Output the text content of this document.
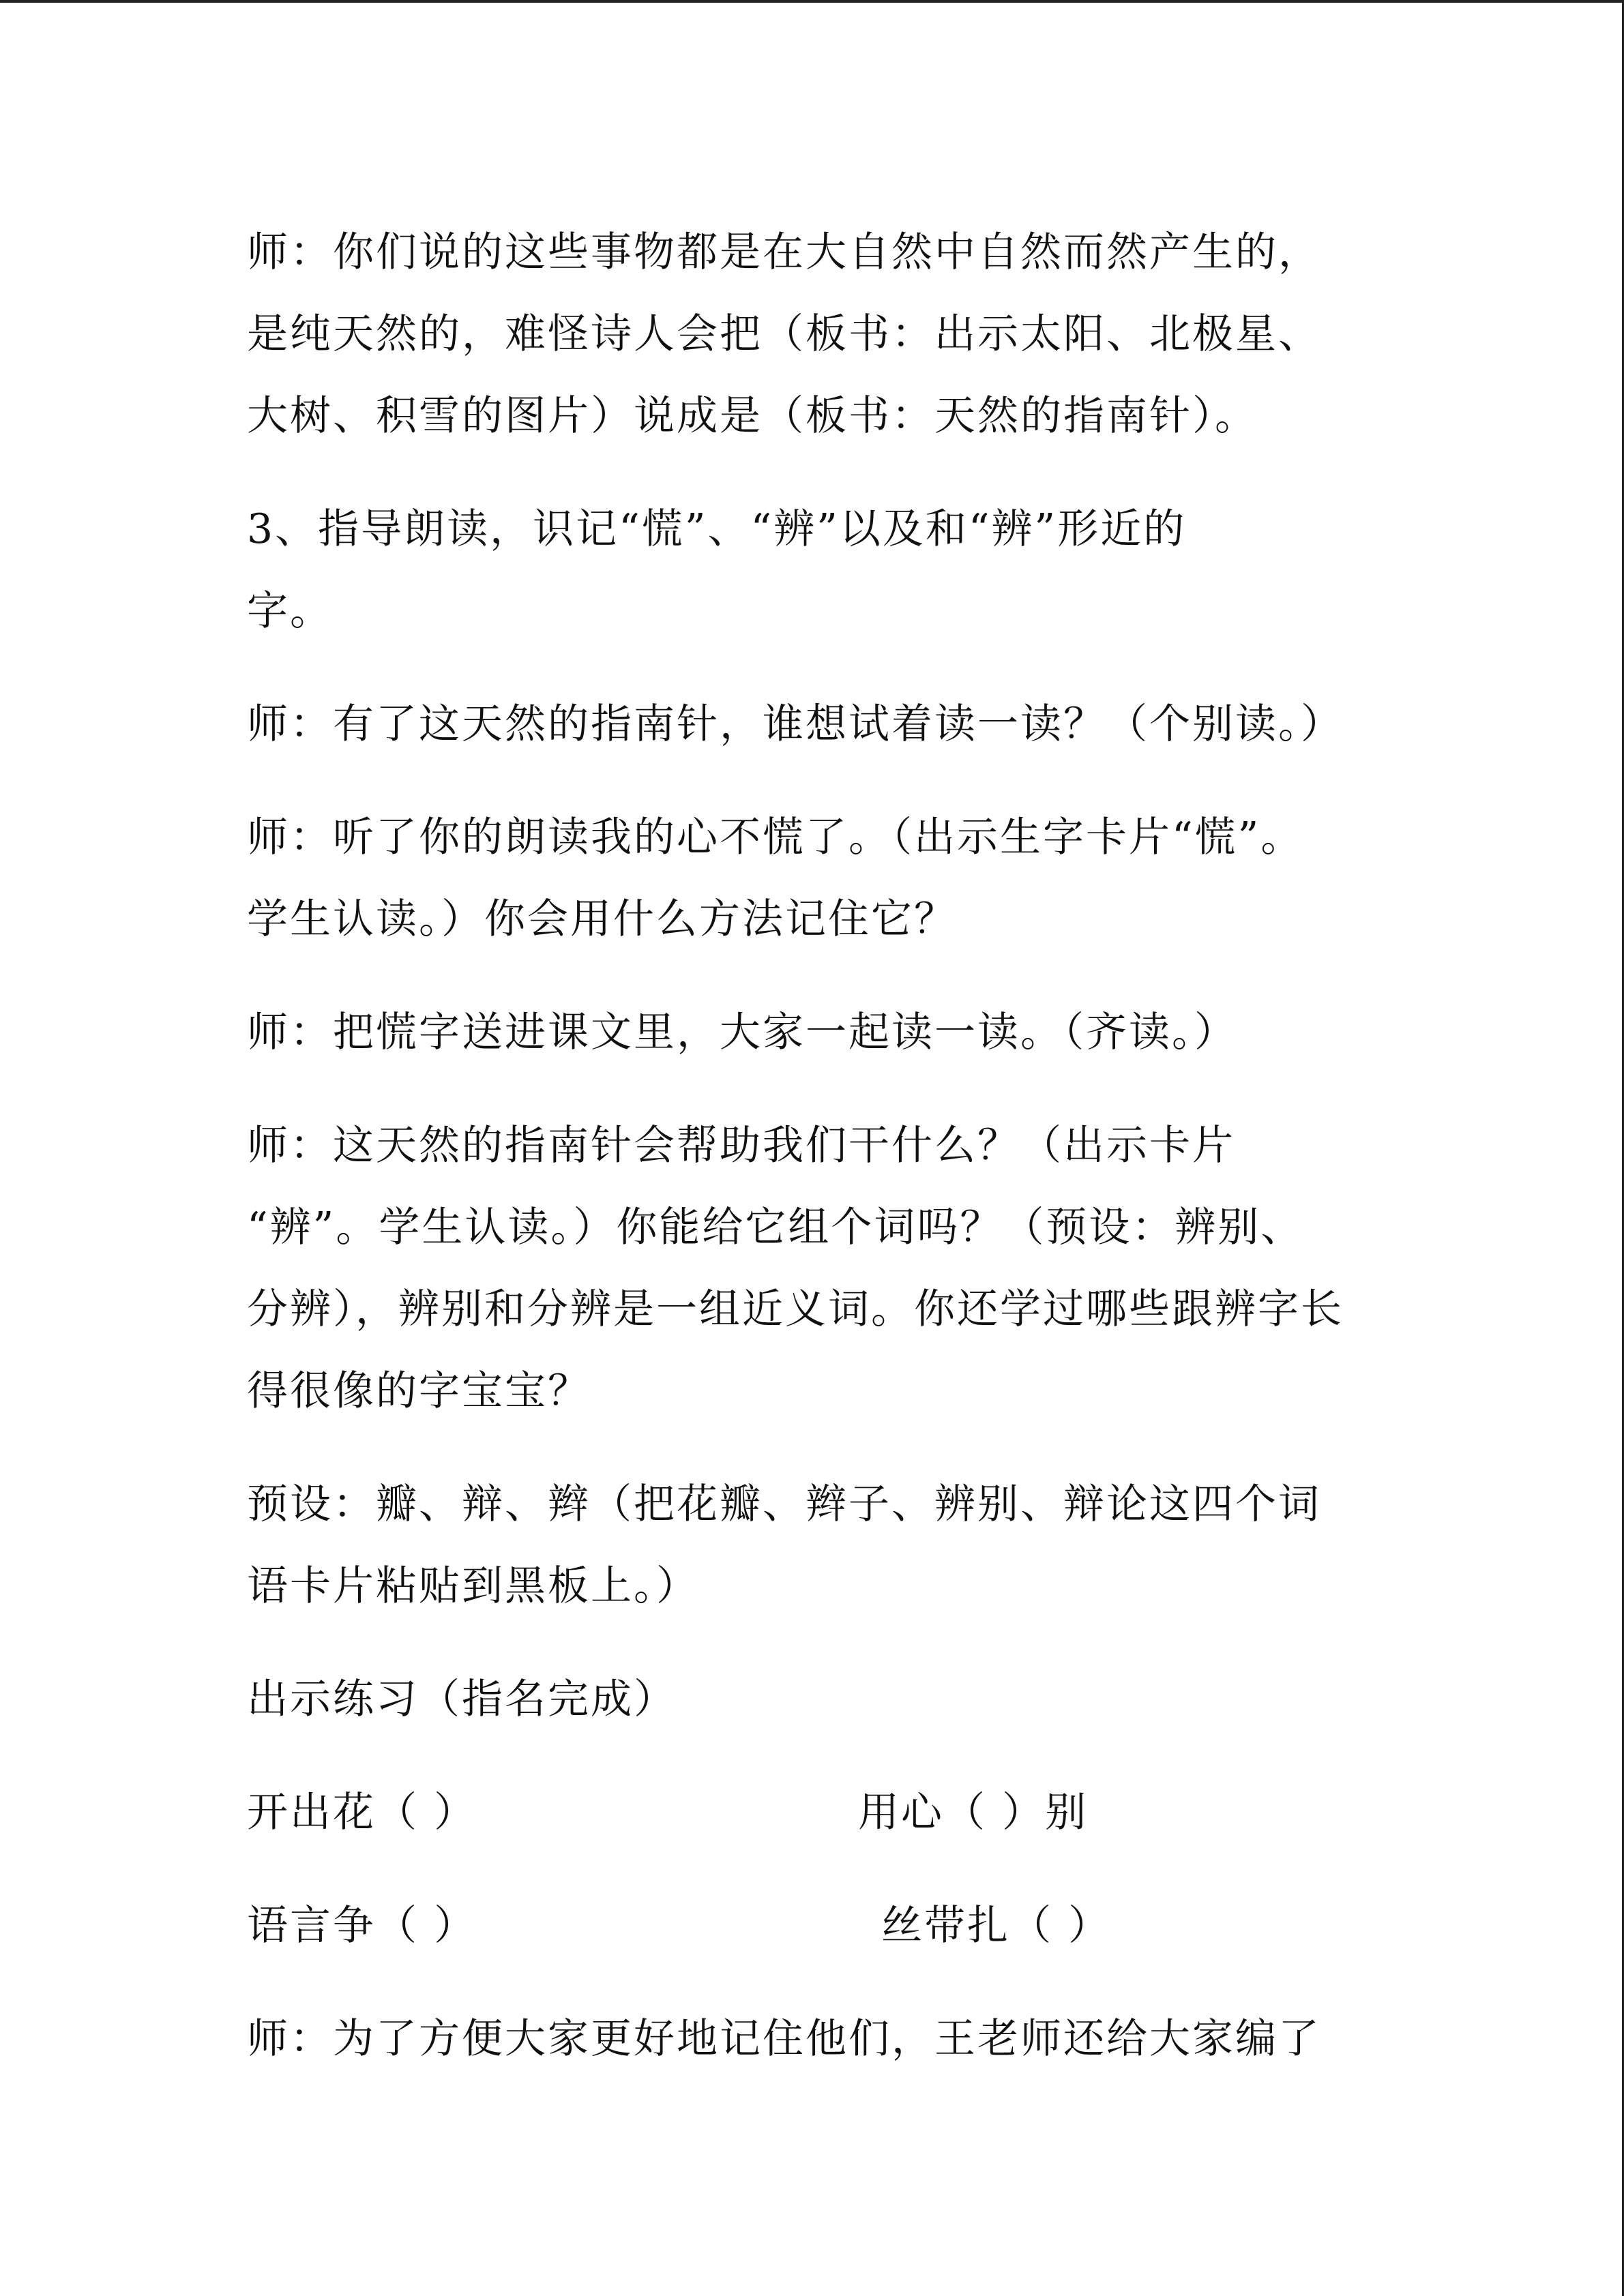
师：你们说的这些事物都是在大自然中自然而然产生的，
是纯天然的，难怪诗人会把（板书：出示太阳、北极星、
大树、积雪的图片）说成是（板书：天然的指南针）。
3、指导朗读，识记“慌”、“辨”以及和“辨”形近的
字。
师：有了这天然的指南针，谁想试着读一读？（个别读。）
师：听了你的朗读我的心不慌了。（出示生字卡片“慌”。
学生认读。）你会用什么方法记住它？
师：把慌字送进课文里，大家一起读一读。（齐读。）
师：这天然的指南针会帮助我们干什么？（出示卡片
“辨”。学生认读。）你能给它组个词吗？（预设：辨别、
分辨），辨别和分辨是一组近义词。你还学过哪些跟辨字长
得很像的字宝宝？
预设：瓣、辩、辫（把花瓣、辫子、辨别、辩论这四个词
语卡片粘贴到黑板上。）
出示练习（指名完成）
开出花（ ）	用心（ ）别
语言争（ ）	丝带扎（ ）
师：为了方便大家更好地记住他们，王老师还给大家编了
